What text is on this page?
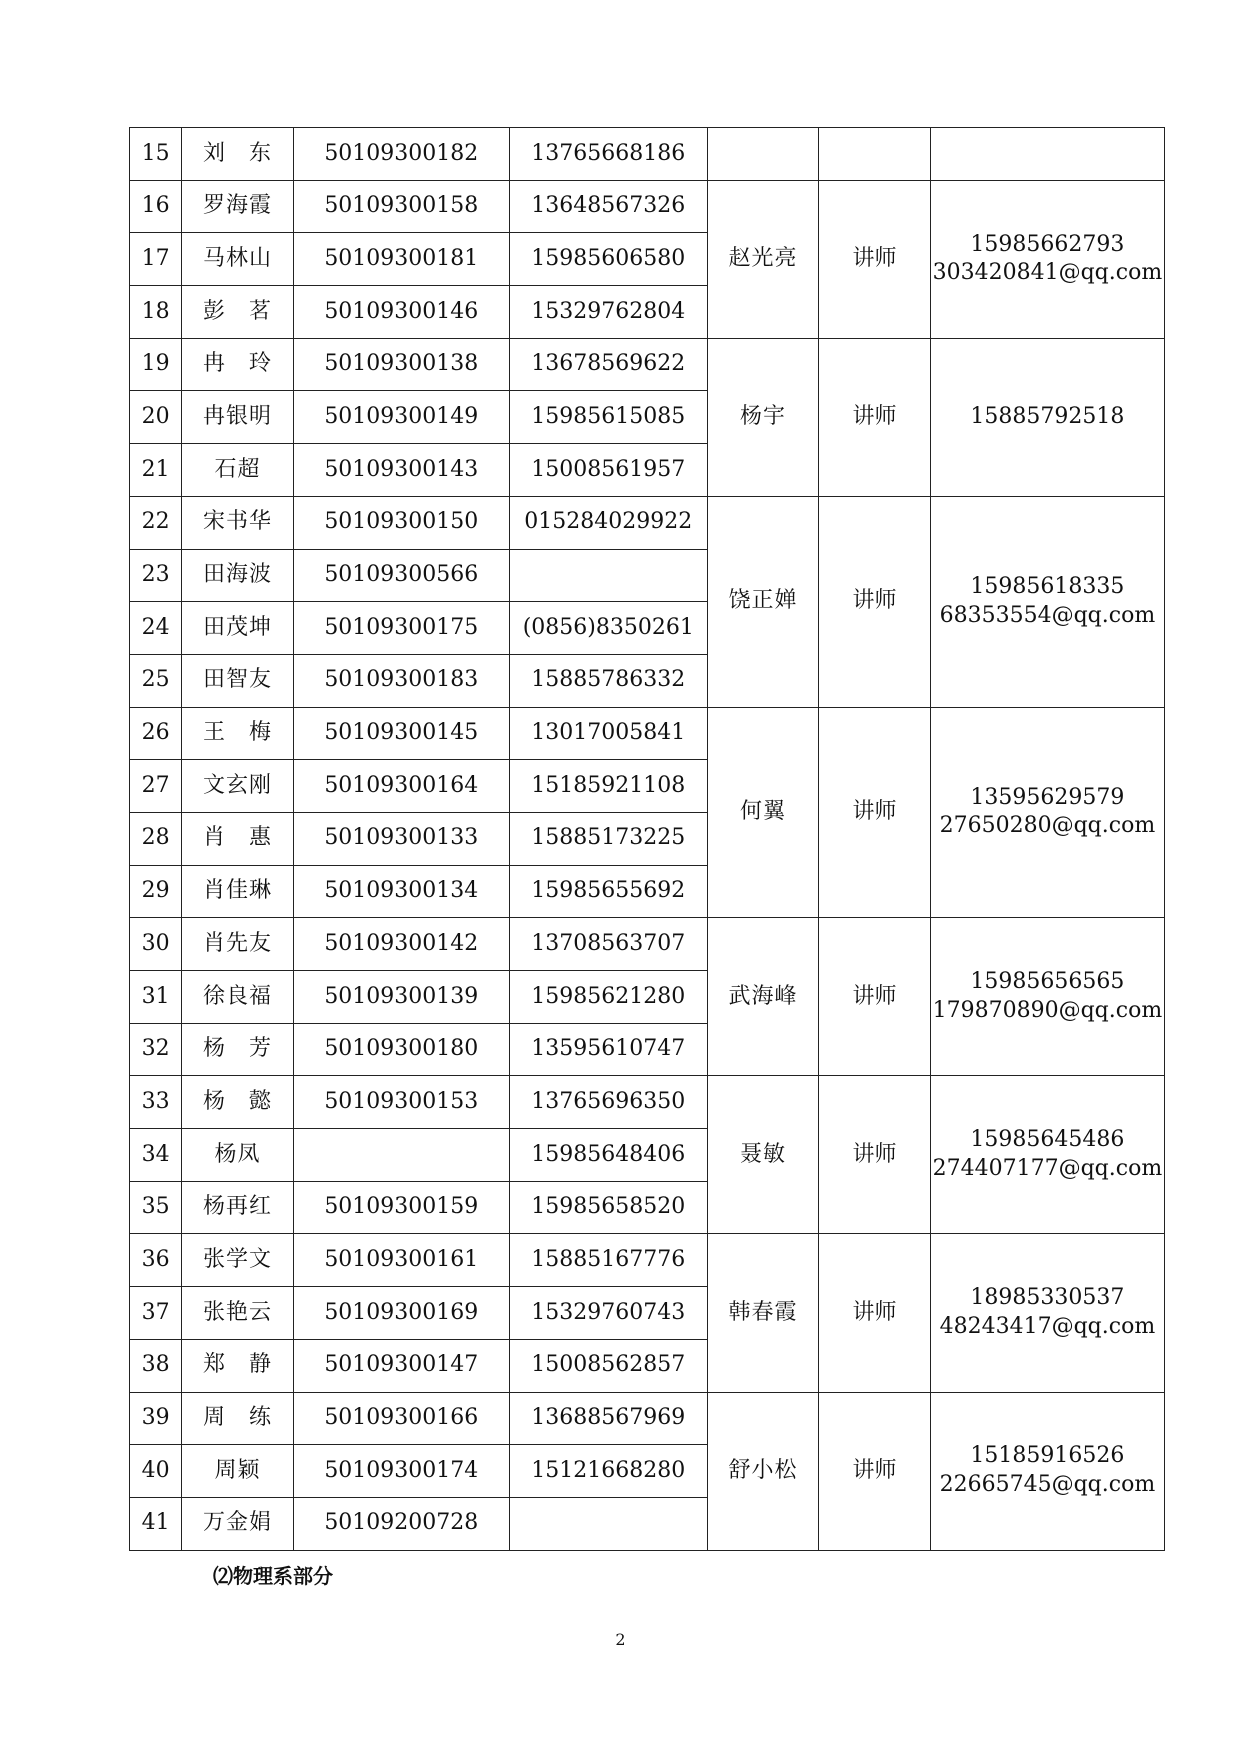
15	刘　东	50109300182	13765668186			

16	罗海霞	50109300158	13648567326	赵光亮	讲师	15985662793
303420841@qq.com

17	马林山	50109300181	15985606580			
18	彭　茗	50109300146	15329762804			
19	冉　玲	50109300138	13678569622	杨宇	讲师	15885792518
20	冉银明	50109300149	15985615085			
21	石超	50109300143	15008561957			
22	宋书华	50109300150	015284029922	饶正婵	讲师	15985618335
68353554@qq.com

23	田海波	50109300566				
24	田茂坤	50109300175	(0856)8350261			
25	田智友	50109300183	15885786332			
26	王　梅	50109300145	13017005841	何翼	讲师	13595629579
27650280@qq.com

27	文玄刚	50109300164	15185921108			
28	肖　惠	50109300133	15885173225			
29	肖佳琳	50109300134	15985655692			
30	肖先友	50109300142	13708563707	武海峰	讲师	15985656565
179870890@qq.com

31	徐良福	50109300139	15985621280			
32	杨　芳	50109300180	13595610747			
33	杨　懿	50109300153	13765696350	聂敏	讲师	15985645486
274407177@qq.com

34	杨凤		15985648406			
35	杨再红	50109300159	15985658520			
36	张学文	50109300161	15885167776	韩春霞	讲师	18985330537
48243417@qq.com

37	张艳云	50109300169	15329760743			
38	郑　静	50109300147	15008562857			
39	周　练	50109300166	13688567969	舒小松	讲师	15185916526
22665745@qq.com

40	周颖	50109300174	15121668280			
41	万金娟	50109200728				
⑵物理系部分
2
